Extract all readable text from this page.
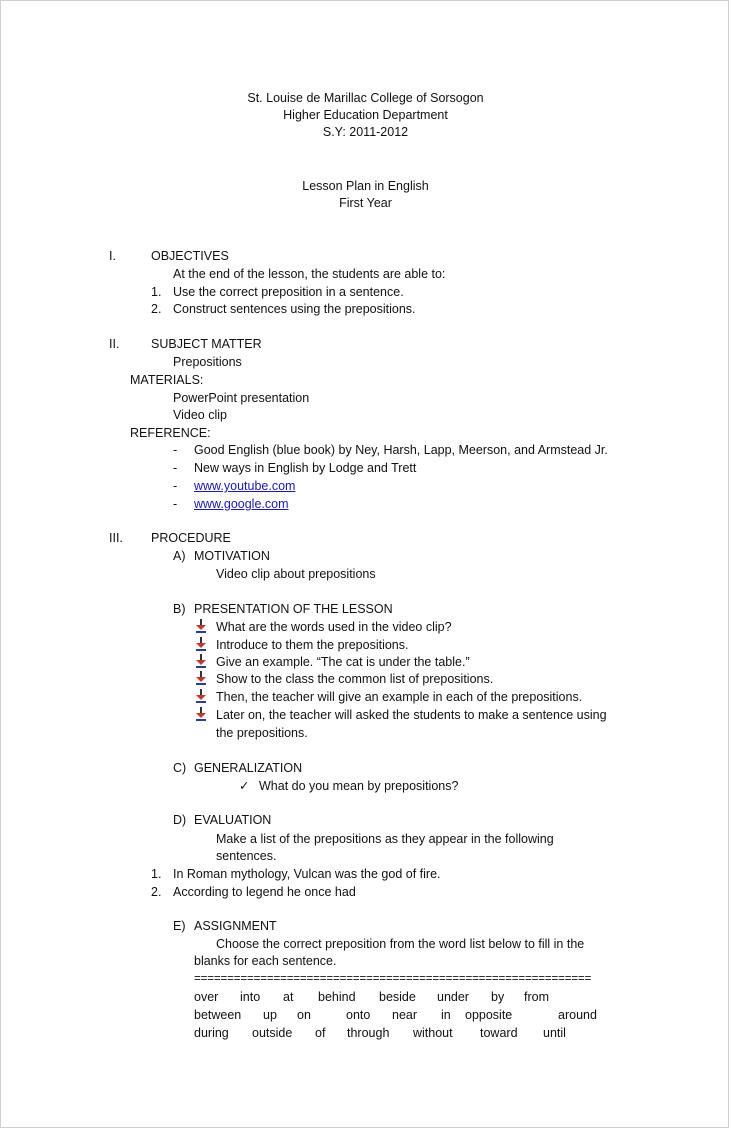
St. Louise de Marillac College of Sorsogon
Higher Education Department
S.Y: 2011-2012
Lesson Plan in English
First Year
I.	OBJECTIVES
At the end of the lesson, the students are able to:
1. Use the correct preposition in a sentence.
2. Construct sentences using the prepositions.
II.	SUBJECT MATTER
Prepositions
MATERIALS:
PowerPoint presentation
Video clip
REFERENCE:
- Good English (blue book) by Ney, Harsh, Lapp, Meerson, and Armstead Jr.
- New ways in English by Lodge and Trett
- www.youtube.com
- www.google.com
III. PROCEDURE
A) MOTIVATION
Video clip about prepositions
B) PRESENTATION OF THE LESSON
What are the words used in the video clip?
Introduce to them the prepositions.
Give an example. “The cat is under the table.”
Show to the class the common list of prepositions.
Then, the teacher will give an example in each of the prepositions.
Later on, the teacher will asked the students to make a sentence using
the prepositions.
C) GENERALIZATION
✓ What do you mean by prepositions?
D) EVALUATION
Make a list of the prepositions as they appear in the following
sentences.
1. In Roman mythology, Vulcan was the god of fire.
2. According to legend he once had
E) ASSIGNMENT
Choose the correct preposition from the word list below to fill in the
blanks for each sentence.
============================================================
over into at behind beside under by from
between up on	onto near in opposite	around
during outside of through without toward until
